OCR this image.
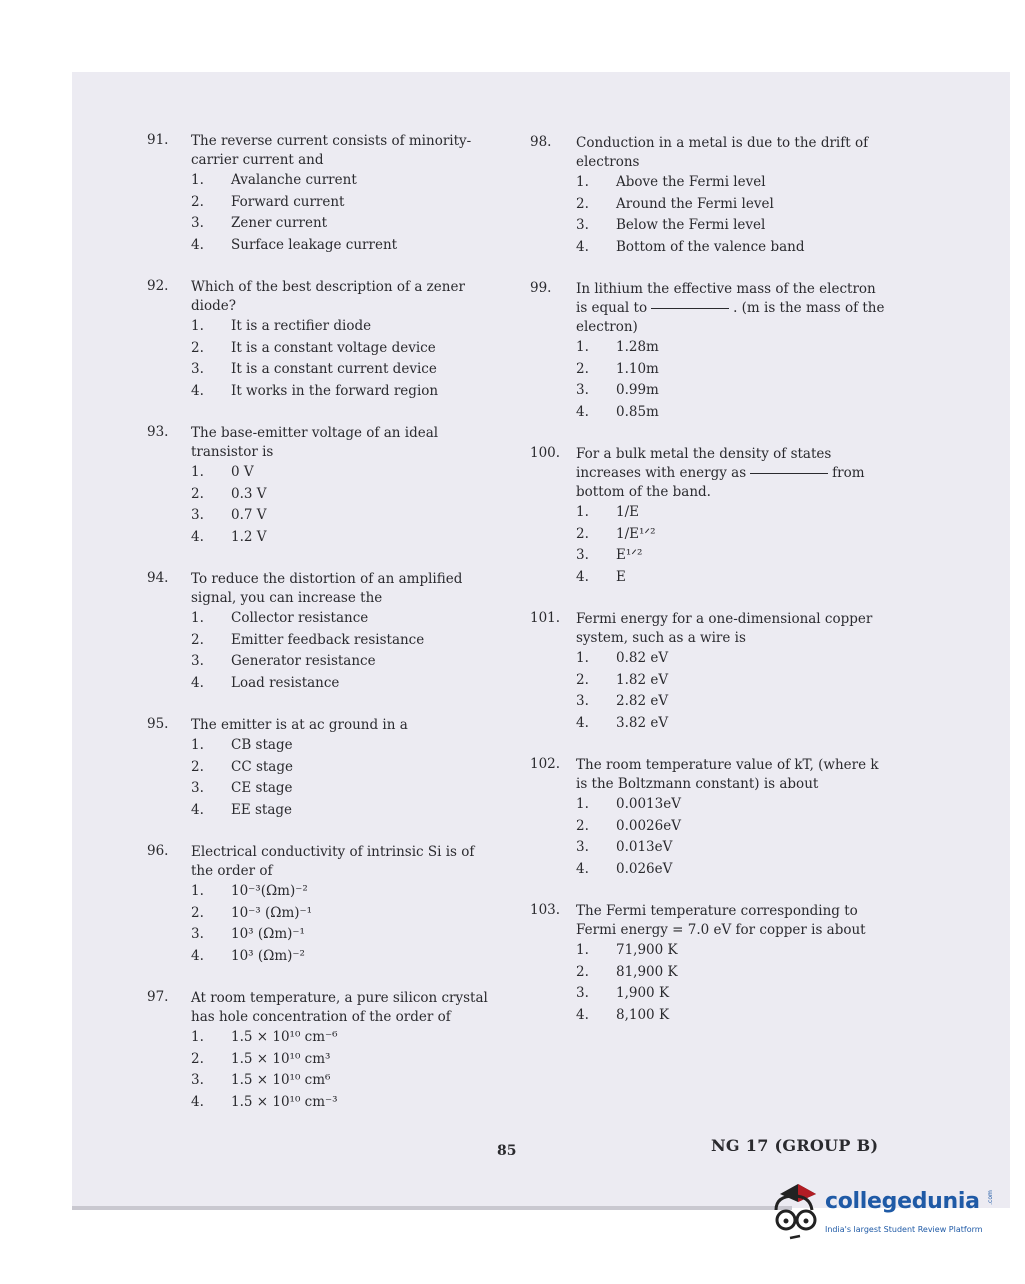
91.	The reverse current consists of minority-carrier current and
1. Avalanche current
2. Forward current
3. Zener current
4. Surface leakage current
92.	Which of the best description of a zener diode?
1. It is a rectifier diode
2. It is a constant voltage device
3. It is a constant current device
4. It works in the forward region
93.	The base-emitter voltage of an ideal transistor is
1. 0 V
2. 0.3 V
3. 0.7 V
4. 1.2 V
94.	To reduce the distortion of an amplified signal, you can increase the
1. Collector resistance
2. Emitter feedback resistance
3. Generator resistance
4. Load resistance
95.	The emitter is at ac ground in a
1. CB stage
2. CC stage
3. CE stage
4. EE stage
96.	Electrical conductivity of intrinsic Si is of the order of
1. 10⁻³(Ωm)⁻²
2. 10⁻³ (Ωm)⁻¹
3. 10³ (Ωm)⁻¹
4. 10³ (Ωm)⁻²
97.	At room temperature, a pure silicon crystal has hole concentration of the order of
1. 1.5 × 10¹⁰ cm⁻⁶
2. 1.5 × 10¹⁰ cm³
3. 1.5 × 10¹⁰ cm⁶
4. 1.5 × 10¹⁰ cm⁻³
98.	Conduction in a metal is due to the drift of electrons
1. Above the Fermi level
2. Around the Fermi level
3. Below the Fermi level
4. Bottom of the valence band
99.	In lithium the effective mass of the electron is equal to	. (m is the mass of the electron)
1. 1.28m
2. 1.10m
3. 0.99m
4. 0.85m
100.	For a bulk metal the density of states increases with energy as	from bottom of the band.
1. 1/E
2. 1/E¹ᐟ²
3. E¹ᐟ²
4. E
101.	Fermi energy for a one-dimensional copper system, such as a wire is
1. 0.82 eV
2. 1.82 eV
3. 2.82 eV
4. 3.82 eV
102.	The room temperature value of kT, (where k is the Boltzmann constant) is about
1. 0.0013eV
2. 0.0026eV
3. 0.013eV
4. 0.026eV
103.	The Fermi temperature corresponding to Fermi energy = 7.0 eV for copper is about
1. 71,900 K
2. 81,900 K
3. 1,900 K
4. 8,100 K
85	NG 17 (GROUP B)
collegedunia .com
India's largest Student Review Platform
